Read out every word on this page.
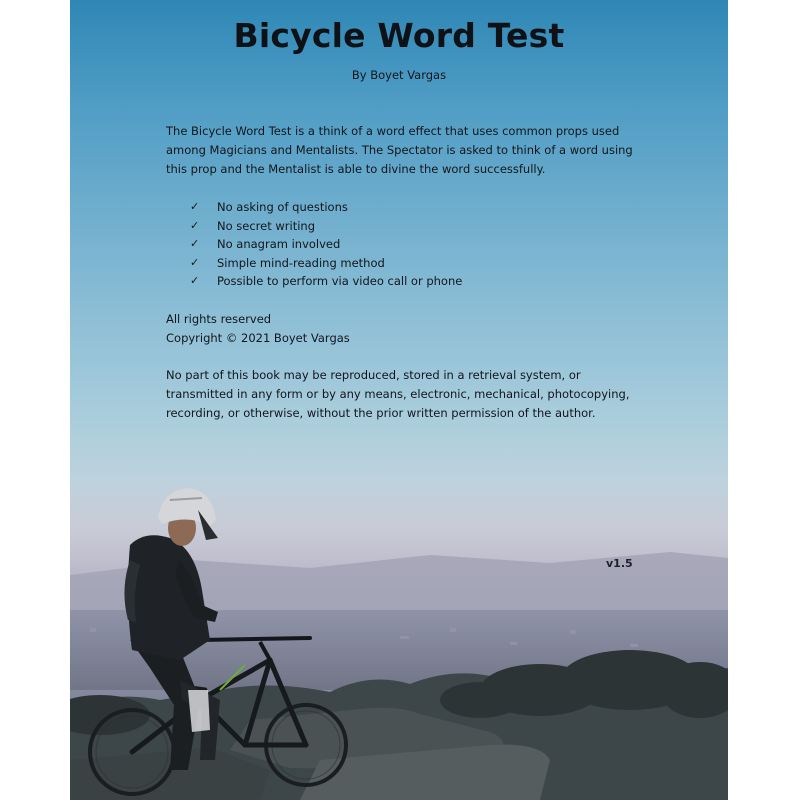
Bicycle Word Test

By Boyet Vargas

The Bicycle Word Test is a think of a word effect that uses common props used among Magicians and Mentalists. The Spectator is asked to think of a word using this prop and the Mentalist is able to divine the word successfully.

✓	No asking of questions
✓	No secret writing
✓	No anagram involved
✓	Simple mind-reading method
✓	Possible to perform via video call or phone

All rights reserved

Copyright © 2021 Boyet Vargas

No part of this book may be reproduced, stored in a retrieval system, or transmitted in any form or by any means, electronic, mechanical, photocopying, recording, or otherwise, without the prior written permission of the author.

v1.5
